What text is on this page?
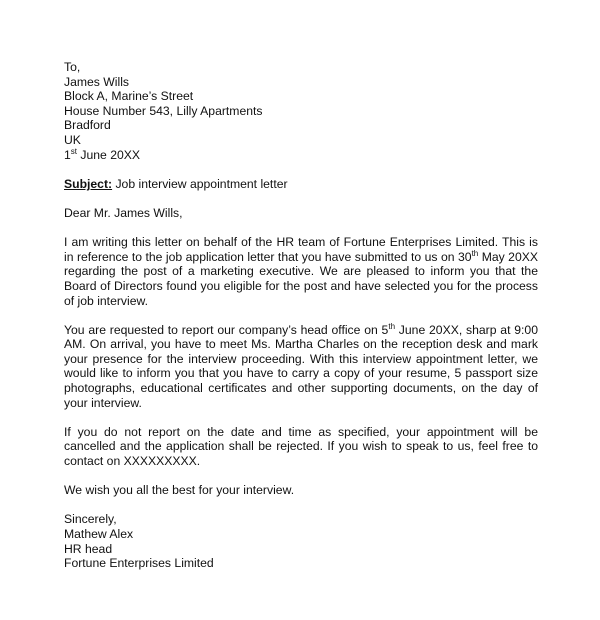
To,
James Wills
Block A, Marine’s Street
House Number 543, Lilly Apartments
Bradford
UK
1st June 20XX

Subject: Job interview appointment letter

Dear Mr. James Wills,

I am writing this letter on behalf of the HR team of Fortune Enterprises Limited. This is in reference to the job application letter that you have submitted to us on 30th May 20XX regarding the post of a marketing executive. We are pleased to inform you that the Board of Directors found you eligible for the post and have selected you for the process of job interview.

You are requested to report our company’s head office on 5th June 20XX, sharp at 9:00 AM. On arrival, you have to meet Ms. Martha Charles on the reception desk and mark your presence for the interview proceeding. With this interview appointment letter, we would like to inform you that you have to carry a copy of your resume, 5 passport size photographs, educational certificates and other supporting documents, on the day of your interview.

If you do not report on the date and time as specified, your appointment will be cancelled and the application shall be rejected. If you wish to speak to us, feel free to contact on XXXXXXXXX.

We wish you all the best for your interview.

Sincerely,
Mathew Alex
HR head
Fortune Enterprises Limited
